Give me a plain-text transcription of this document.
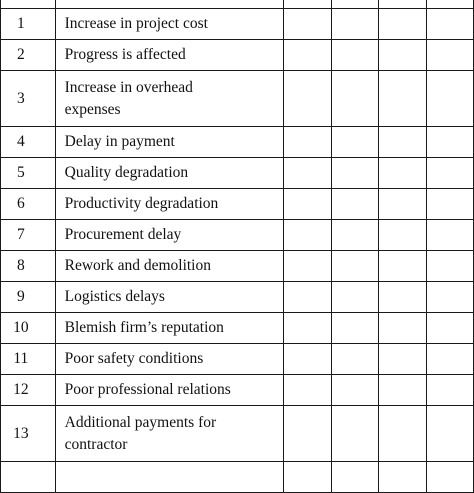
1	Increase in project cost					
2	Progress is affected					
3	Increase in overhead expenses					
4	Delay in payment					
5	Quality degradation					
6	Productivity degradation					
7	Procurement delay					
8	Rework and demolition					
9	Logistics delays					
10	Blemish firm’s reputation					
11	Poor safety conditions					
12	Poor professional relations					
13	Additional payments for contractor					
